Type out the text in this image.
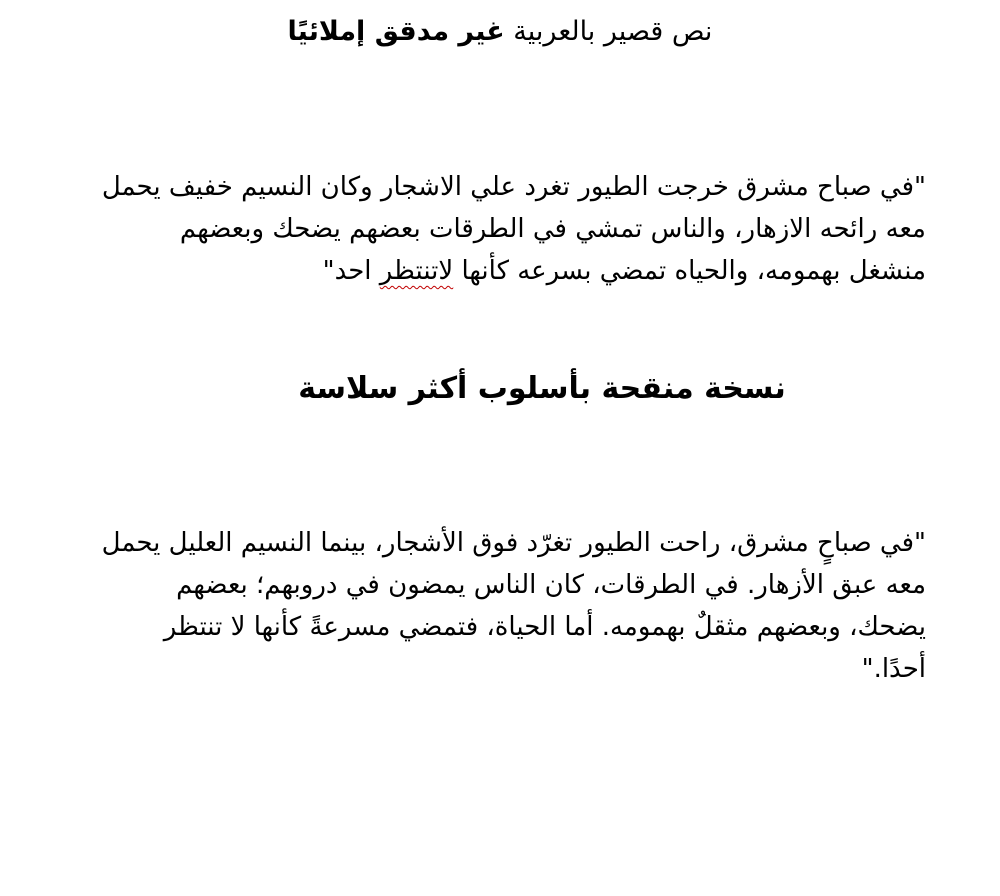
نص قصير بالعربية غير مدقق إملائيًا
"في صباح مشرق خرجت الطيور تغرد علي الاشجار وكان النسيم خفيف يحمل معه رائحه الازهار، والناس تمشي في الطرقات بعضهم يضحك وبعضهم منشغل بهمومه، والحياه تمضي بسرعه كأنها لاتنتظر احد"
نسخة منقحة بأسلوب أكثر سلاسة
"في صباحٍ مشرق، راحت الطيور تغرّد فوق الأشجار، بينما النسيم العليل يحمل معه عبق الأزهار. في الطرقات، كان الناس يمضون في دروبهم؛ بعضهم يضحك، وبعضهم مثقلٌ بهمومه. أما الحياة، فتمضي مسرعةً كأنها لا تنتظر أحدًا."
